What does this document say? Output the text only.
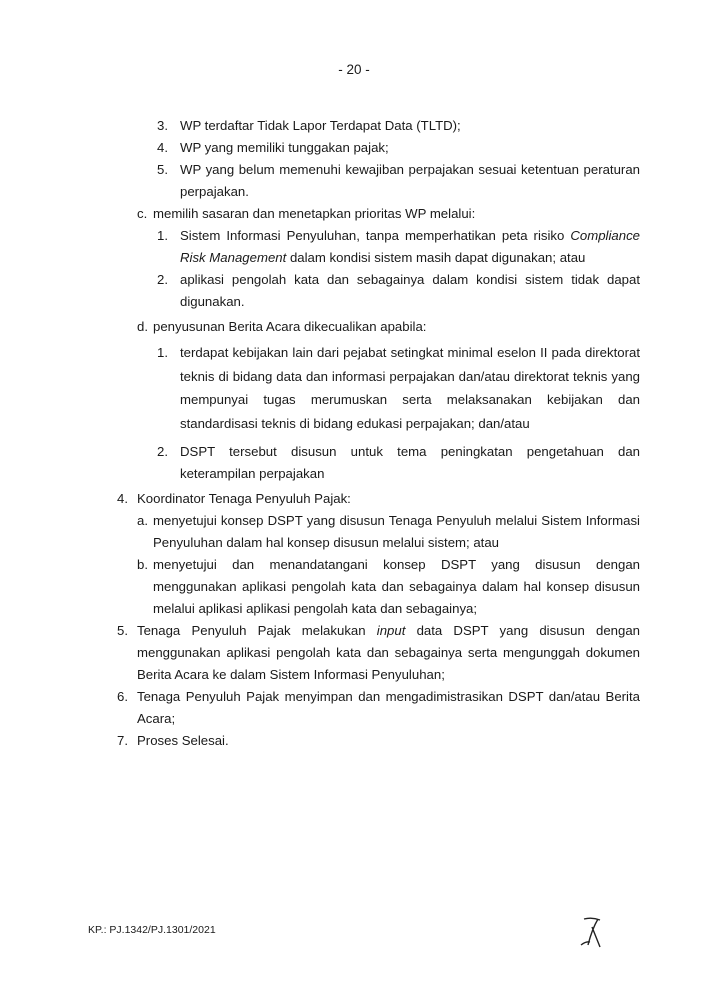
- 20 -
3. WP terdaftar Tidak Lapor Terdapat Data (TLTD);
4. WP yang memiliki tunggakan pajak;
5. WP yang belum memenuhi kewajiban perpajakan sesuai ketentuan peraturan perpajakan.
c. memilih sasaran dan menetapkan prioritas WP melalui:
1. Sistem Informasi Penyuluhan, tanpa memperhatikan peta risiko Compliance Risk Management dalam kondisi sistem masih dapat digunakan; atau
2. aplikasi pengolah kata dan sebagainya dalam kondisi sistem tidak dapat digunakan.
d. penyusunan Berita Acara dikecualikan apabila:
1. terdapat kebijakan lain dari pejabat setingkat minimal eselon II pada direktorat teknis di bidang data dan informasi perpajakan dan/atau direktorat teknis yang mempunyai tugas merumuskan serta melaksanakan kebijakan dan standardisasi teknis di bidang edukasi perpajakan; dan/atau
2. DSPT tersebut disusun untuk tema peningkatan pengetahuan dan keterampilan perpajakan
4. Koordinator Tenaga Penyuluh Pajak:
a. menyetujui konsep DSPT yang disusun Tenaga Penyuluh melalui Sistem Informasi Penyuluhan dalam hal konsep disusun melalui sistem; atau
b. menyetujui dan menandatangani konsep DSPT yang disusun dengan menggunakan aplikasi pengolah kata dan sebagainya dalam hal konsep disusun melalui aplikasi aplikasi pengolah kata dan sebagainya;
5. Tenaga Penyuluh Pajak melakukan input data DSPT yang disusun dengan menggunakan aplikasi pengolah kata dan sebagainya serta mengunggah dokumen Berita Acara ke dalam Sistem Informasi Penyuluhan;
6. Tenaga Penyuluh Pajak menyimpan dan mengadimistrasikan DSPT dan/atau Berita Acara;
7. Proses Selesai.
KP.: PJ.1342/PJ.1301/2021
